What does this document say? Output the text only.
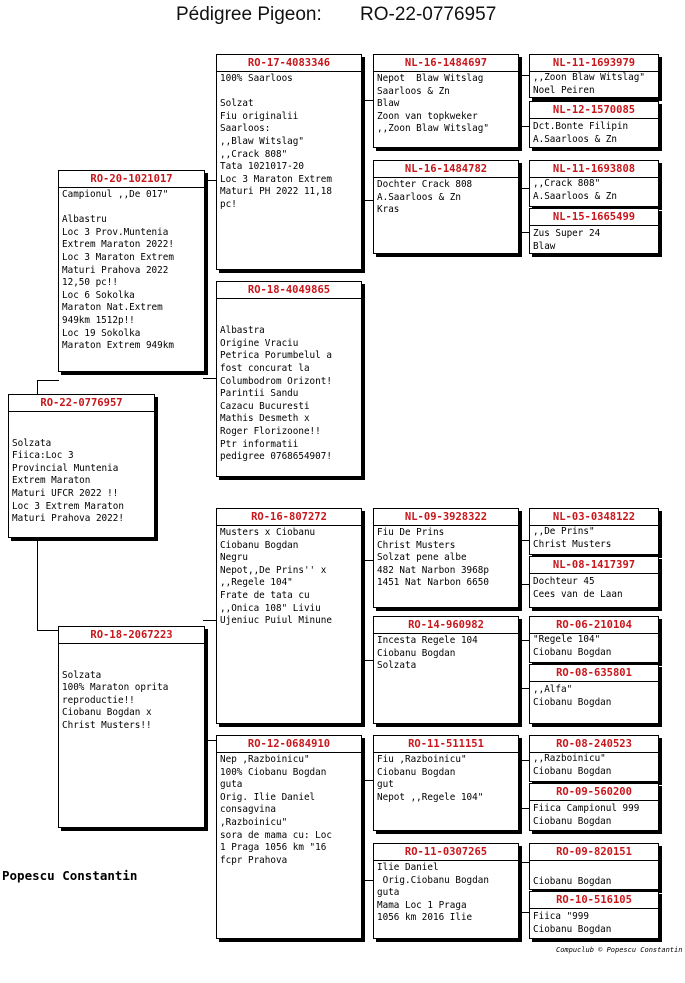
Pédigree Pigeon: RO-22-0776957
RO-22-0776957

Solzata
Fiica:Loc 3
Provincial Muntenia
Extrem Maraton
Maturi UFCR 2022 !!
Loc 3 Extrem Maraton
Maturi Prahova 2022!
RO-20-1021017
Campionul ,,De 017"

Albastru
Loc 3 Prov.Muntenia
Extrem Maraton 2022!
Loc 3 Maraton Extrem
Maturi Prahova 2022
12,50 pc!!
Loc 6 Sokolka
Maraton Nat.Extrem
949km 1512p!!
Loc 19 Sokolka
Maraton Extrem 949km
RO-18-2067223

Solzata
100% Maraton oprita
reproductie!!
Ciobanu Bogdan x
Christ Musters!!
RO-17-4083346
100% Saarloos

Solzat
Fiu originalii
Saarloos:
,,Blaw Witslag"
,,Crack 808"
Tata 1021017-20
Loc 3 Maraton Extrem
Maturi PH 2022 11,18
pc!
RO-18-4049865

Albastra
Origine Vraciu
Petrica Porumbelul a
fost concurat la
Columbodrom Orizont!
Parintii Sandu
Cazacu Bucuresti
Mathis Desmeth x
Roger Florizoone!!
Ptr informatii
pedigree 0768654907!
RO-16-807272
Musters x Ciobanu
Ciobanu Bogdan
Negru
Nepot,,De Prins'' x
,,Regele 104"
Frate de tata cu
,,Onica 108" Liviu
Ujeniuc Puiul Minune
RO-12-0684910
Nep ,Razboinicu"
100% Ciobanu Bogdan
guta
Orig. Ilie Daniel
consagvina
,Razboinicu"
sora de mama cu: Loc
1 Praga 1056 km "16
fcpr Prahova
NL-16-1484697
Nepot  Blaw Witslag
Saarloos & Zn
Blaw
Zoon van topkweker
,,Zoon Blaw Witslag"
NL-16-1484782
Dochter Crack 808
A.Saarloos & Zn
Kras
NL-09-3928322
Fiu De Prins
Christ Musters
Solzat pene albe
482 Nat Narbon 3968p
1451 Nat Narbon 6650
RO-14-960982
Incesta Regele 104
Ciobanu Bogdan
Solzata
RO-11-511151
Fiu ,Razboinicu"
Ciobanu Bogdan
gut
Nepot ,,Regele 104"
RO-11-0307265
Ilie Daniel
Orig.Ciobanu Bogdan
guta
Mama Loc 1 Praga
1056 km 2016 Ilie
NL-11-1693979
,,Zoon Blaw Witslag"
Noel Peiren
NL-12-1570085
Dct.Bonte Filipin
A.Saarloos & Zn
NL-11-1693808
,,Crack 808"
A.Saarloos & Zn
NL-15-1665499
Zus Super 24
Blaw
NL-03-0348122
,,De Prins"
Christ Musters
NL-08-1417397
Dochteur 45
Cees van de Laan
RO-06-210104
"Regele 104"
Ciobanu Bogdan
RO-08-635801
,,Alfa"
Ciobanu Bogdan
RO-08-240523
,,Razboinicu"
Ciobanu Bogdan
RO-09-560200
Fiica Campionul 999
Ciobanu Bogdan
RO-09-820151

Ciobanu Bogdan
RO-10-516105
Fiica "999
Ciobanu Bogdan
Popescu Constantin
Compuclub © Popescu Constantin
